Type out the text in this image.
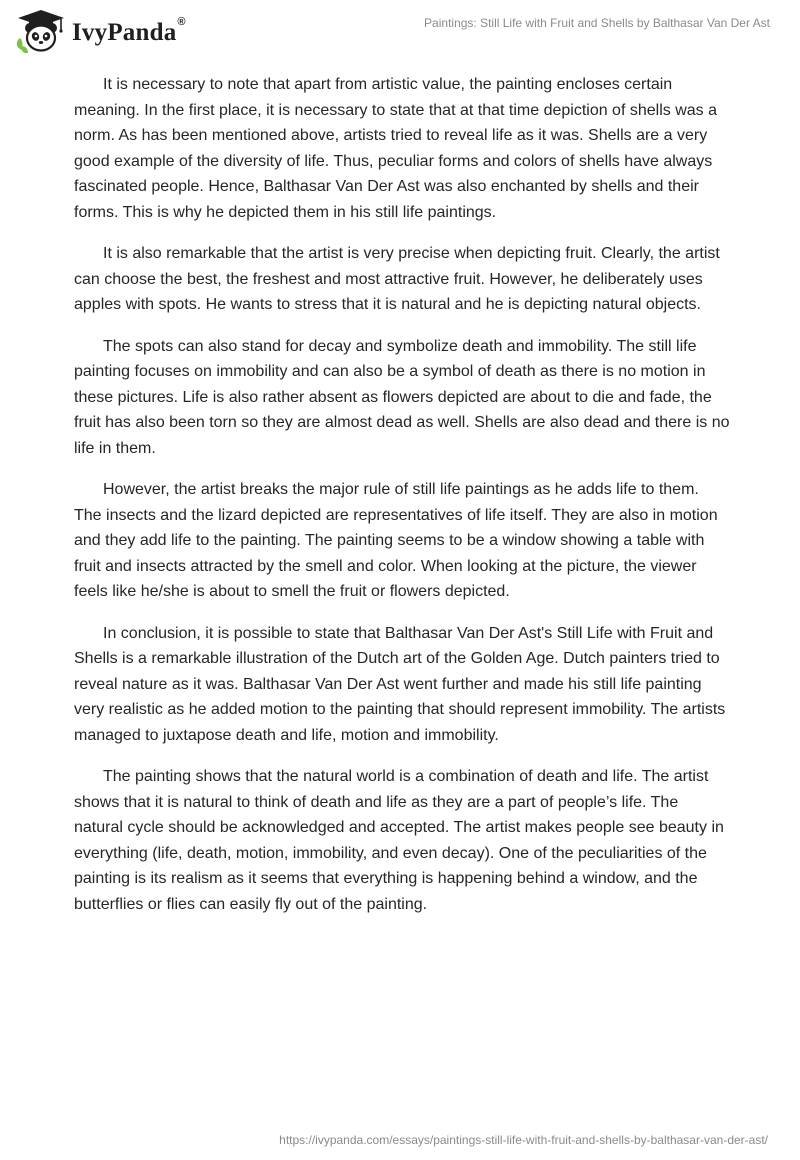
IvyPanda®	Paintings: Still Life with Fruit and Shells by Balthasar Van Der Ast

It is necessary to note that apart from artistic value, the painting encloses certain meaning. In the first place, it is necessary to state that at that time depiction of shells was a norm. As has been mentioned above, artists tried to reveal life as it was. Shells are a very good example of the diversity of life. Thus, peculiar forms and colors of shells have always fascinated people. Hence, Balthasar Van Der Ast was also enchanted by shells and their forms. This is why he depicted them in his still life paintings.

It is also remarkable that the artist is very precise when depicting fruit. Clearly, the artist can choose the best, the freshest and most attractive fruit. However, he deliberately uses apples with spots. He wants to stress that it is natural and he is depicting natural objects.

The spots can also stand for decay and symbolize death and immobility. The still life painting focuses on immobility and can also be a symbol of death as there is no motion in these pictures. Life is also rather absent as flowers depicted are about to die and fade, the fruit has also been torn so they are almost dead as well. Shells are also dead and there is no life in them.

However, the artist breaks the major rule of still life paintings as he adds life to them. The insects and the lizard depicted are representatives of life itself. They are also in motion and they add life to the painting. The painting seems to be a window showing a table with fruit and insects attracted by the smell and color. When looking at the picture, the viewer feels like he/she is about to smell the fruit or flowers depicted.

In conclusion, it is possible to state that Balthasar Van Der Ast's Still Life with Fruit and Shells is a remarkable illustration of the Dutch art of the Golden Age. Dutch painters tried to reveal nature as it was. Balthasar Van Der Ast went further and made his still life painting very realistic as he added motion to the painting that should represent immobility. The artists managed to juxtapose death and life, motion and immobility.

The painting shows that the natural world is a combination of death and life. The artist shows that it is natural to think of death and life as they are a part of people’s life. The natural cycle should be acknowledged and accepted. The artist makes people see beauty in everything (life, death, motion, immobility, and even decay). One of the peculiarities of the painting is its realism as it seems that everything is happening behind a window, and the butterflies or flies can easily fly out of the painting.

https://ivypanda.com/essays/paintings-still-life-with-fruit-and-shells-by-balthasar-van-der-ast/
